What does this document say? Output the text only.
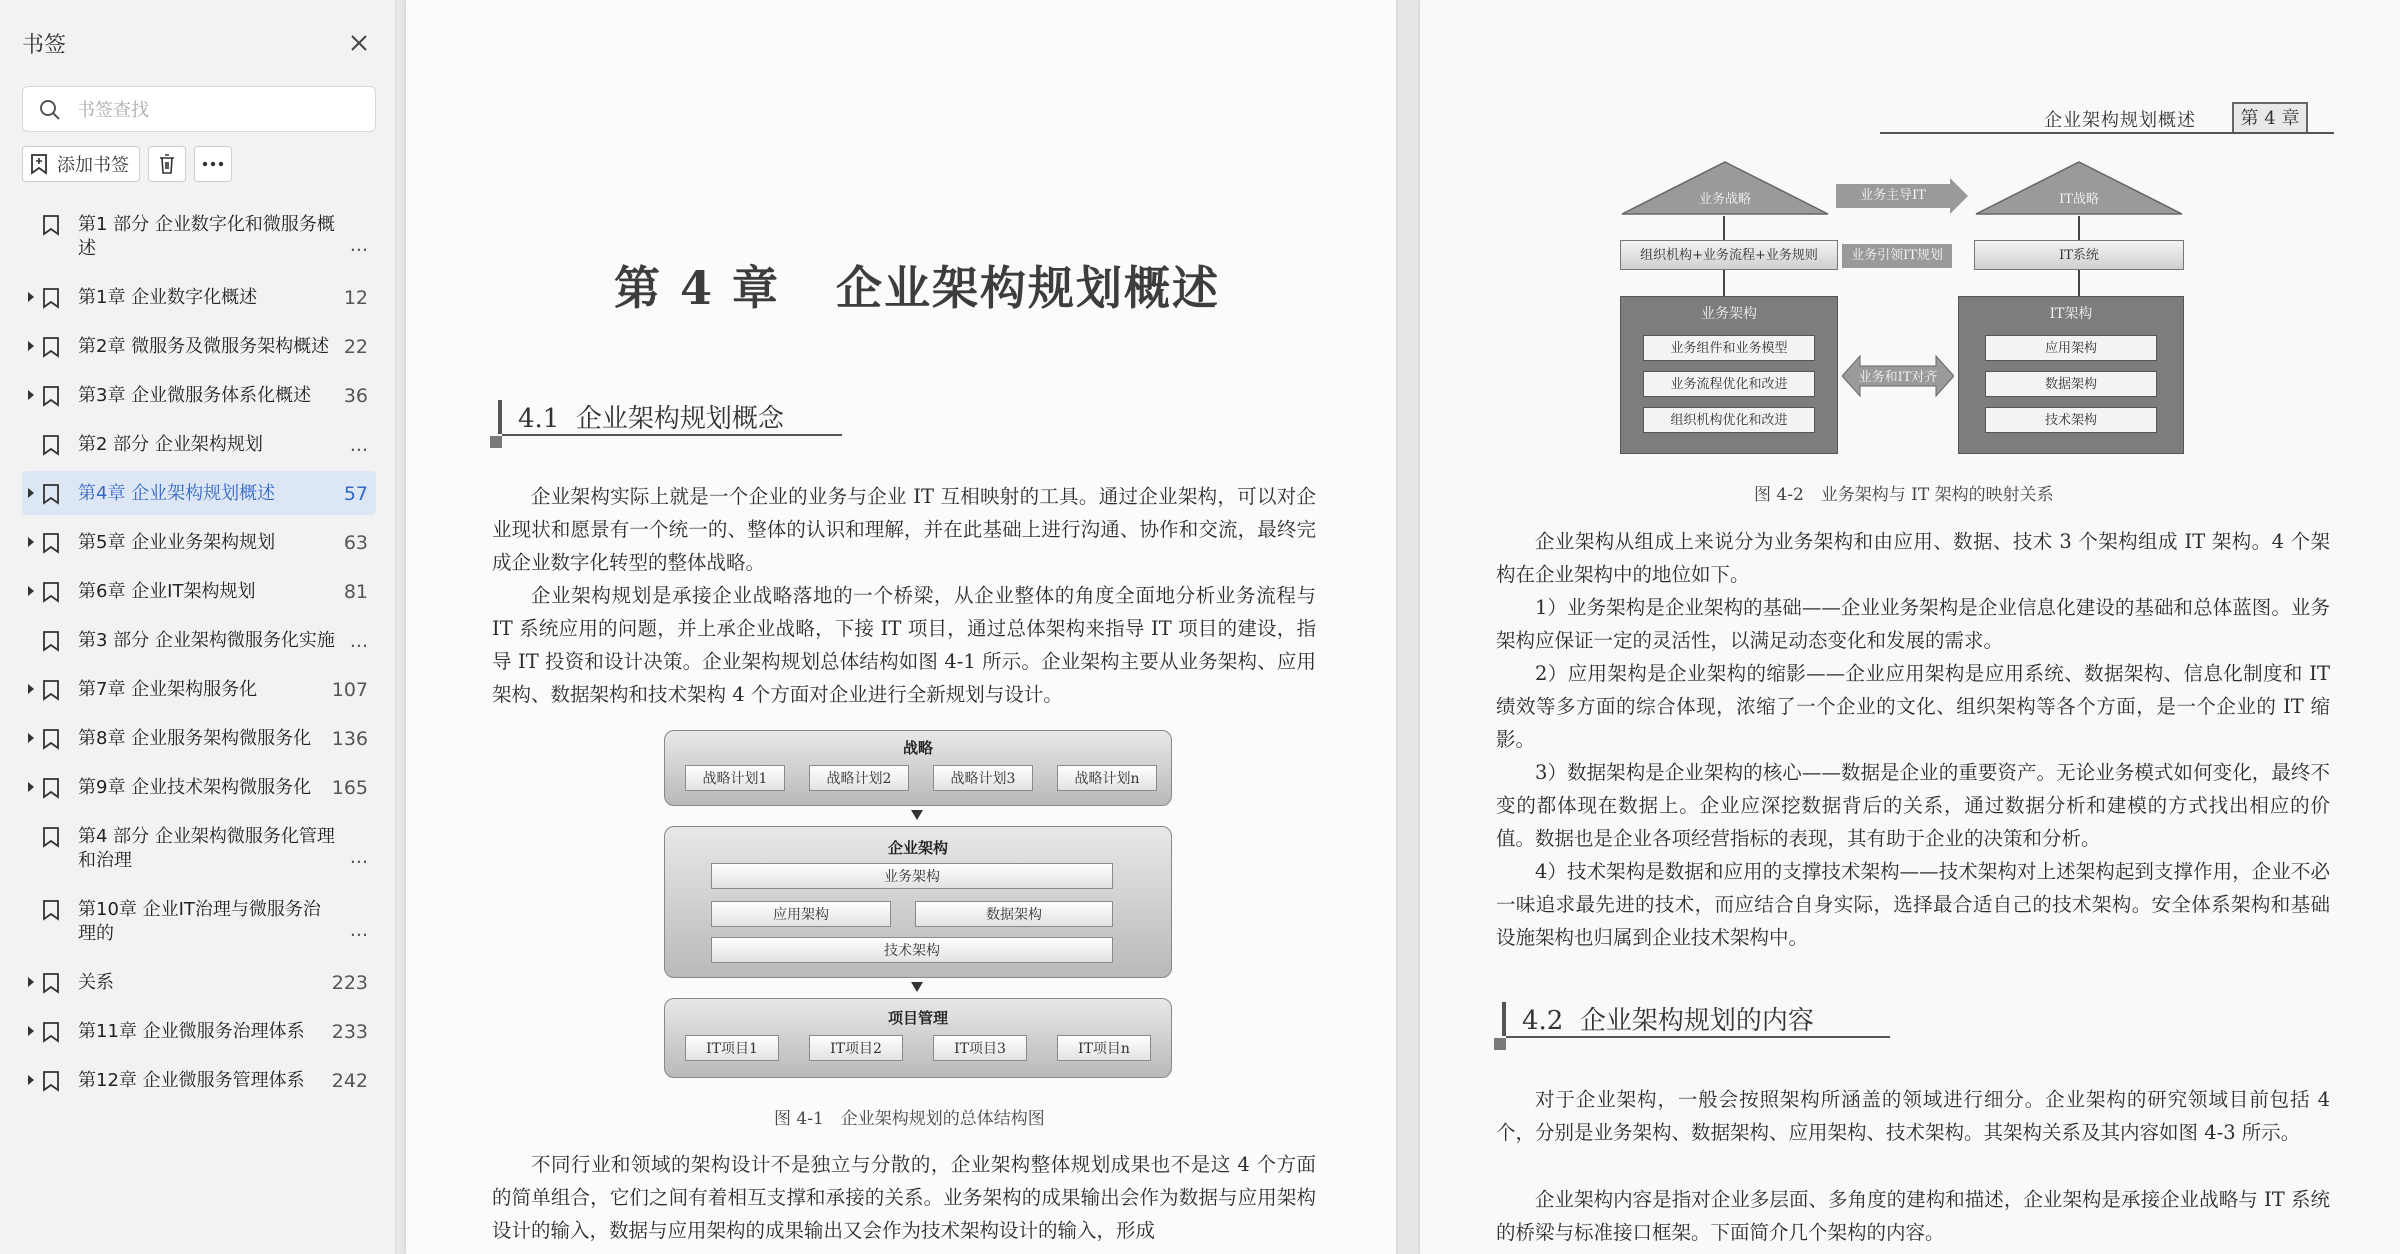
书签
书签查找
添加书签
第1 部分 企业数字化和微服务概述	...
第1章 企业数字化概述	12
第2章 微服务及微服务架构概述 22
第3章 企业微服务体系化概述	36
第2 部分 企业架构规划	...
第4章 企业架构规划概述	57
第5章 企业业务架构规划	63
第6章 企业IT架构规划	81
第3 部分 企业架构微服务化实施 ...
第7章 企业架构服务化	107
第8章 企业服务架构微服务化	136
第9章 企业技术架构微服务化	165
第4 部分 企业架构微服务化管理和治理	...
第10章 企业IT治理与微服务治理的	...
关系	223
第11章 企业微服务治理体系	233
第12章 企业微服务管理体系	242
第 4 章 企业架构规划概述
4.1 企业架构规划概念
企业架构实际上就是一个企业的业务与企业 IT 互相映射的工具。通过企业架构，可以对企业现状和愿景有一个统一的、整体的认识和理解，并在此基础上进行沟通、协作和交流，最终完成企业数字化转型的整体战略。
企业架构规划是承接企业战略落地的一个桥梁，从企业整体的角度全面地分析业务流程与 IT 系统应用的问题，并上承企业战略，下接 IT 项目，通过总体架构来指导 IT 项目的建设，指导 IT 投资和设计决策。企业架构规划总体结构如图 4-1 所示。企业架构主要从业务架构、应用架构、数据架构和技术架构 4 个方面对企业进行全新规划与设计。
战略
战略计划1	战略计划2	战略计划3	战略计划n
企业架构
业务架构
应用架构	数据架构
技术架构
项目管理
IT项目1	IT项目2	IT项目3	IT项目n
图 4-1　企业架构规划的总体结构图
不同行业和领域的架构设计不是独立与分散的，企业架构整体规划成果也不是这 4 个方面的简单组合，它们之间有着相互支撑和承接的关系。业务架构的成果输出会作为数据与应用架构设计的输入，数据与应用架构的成果输出又会作为技术架构设计的输入，形成
企业架构规划概述	第 4 章
业务战略	业务主导IT	IT战略
组织机构+业务流程+业务规则	业务引领IT规划	IT系统
业务架构
业务组件和业务模型
业务流程优化和改进
组织机构优化和改进
业务和IT对齐
IT架构
应用架构
数据架构
技术架构
图 4-2　业务架构与 IT 架构的映射关系
企业架构从组成上来说分为业务架构和由应用、数据、技术 3 个架构组成 IT 架构。4 个架构在企业架构中的地位如下。
1）业务架构是企业架构的基础——企业业务架构是企业信息化建设的基础和总体蓝图。业务架构应保证一定的灵活性，以满足动态变化和发展的需求。
2）应用架构是企业架构的缩影——企业应用架构是应用系统、数据架构、信息化制度和 IT 绩效等多方面的综合体现，浓缩了一个企业的文化、组织架构等各个方面，是一个企业的 IT 缩影。
3）数据架构是企业架构的核心——数据是企业的重要资产。无论业务模式如何变化，最终不变的都体现在数据上。企业应深挖数据背后的关系，通过数据分析和建模的方式找出相应的价值。数据也是企业各项经营指标的表现，其有助于企业的决策和分析。
4）技术架构是数据和应用的支撑技术架构——技术架构对上述架构起到支撑作用，企业不必一味追求最先进的技术，而应结合自身实际，选择最合适自己的技术架构。安全体系架构和基础设施架构也归属到企业技术架构中。
4.2 企业架构规划的内容
对于企业架构，一般会按照架构所涵盖的领域进行细分。企业架构的研究领域目前包括 4 个，分别是业务架构、数据架构、应用架构、技术架构。其架构关系及其内容如图 4-3 所示。
企业架构内容是指对企业多层面、多角度的建构和描述，企业架构是承接企业战略与 IT 系统的桥梁与标准接口框架。下面简介几个架构的内容。
